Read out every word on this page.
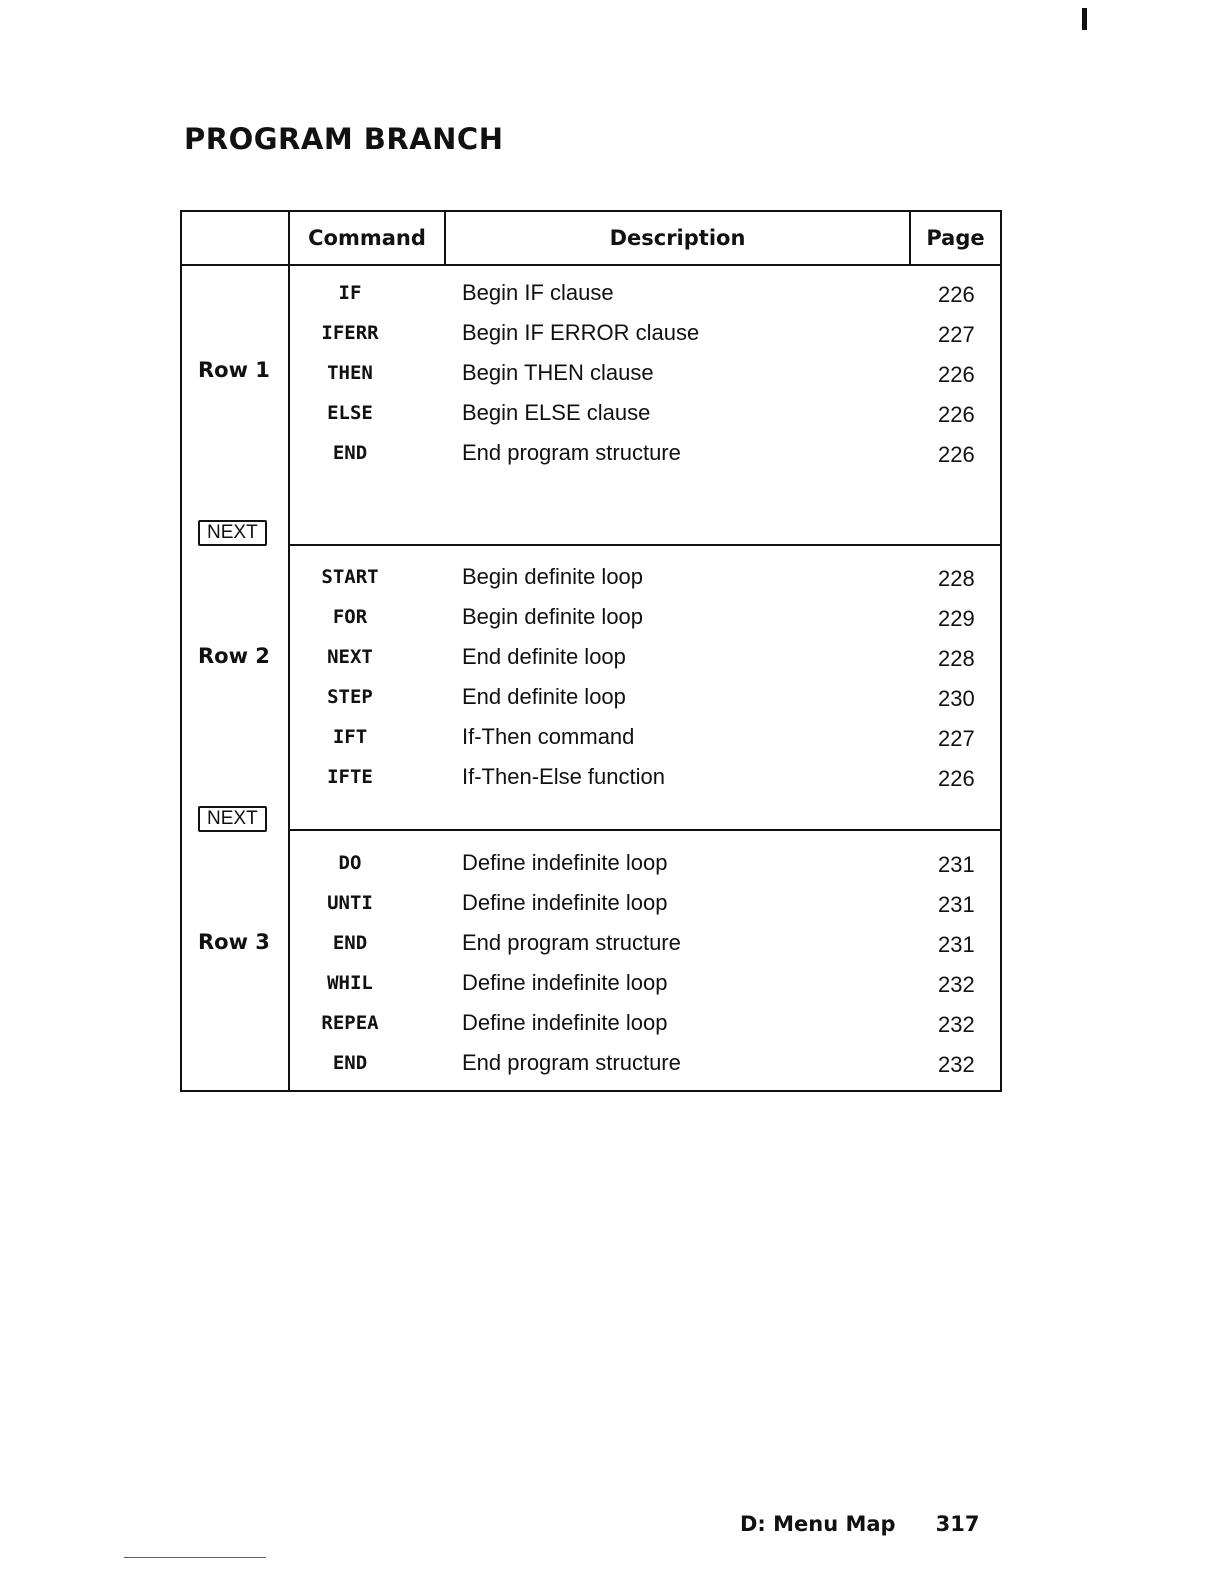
PROGRAM BRANCH
Command	Description	Page
Row 1
IF	Begin IF clause	226
IFERR	Begin IF ERROR clause	227
THEN	Begin THEN clause	226
ELSE	Begin ELSE clause	226
END	End program structure	226
NEXT
Row 2
START	Begin definite loop	228
FOR	Begin definite loop	229
NEXT	End definite loop	228
STEP	End definite loop	230
IFT	If-Then command	227
IFTE	If-Then-Else function	226
NEXT
Row 3
DO	Define indefinite loop	231
UNTI	Define indefinite loop	231
END	End program structure	231
WHIL	Define indefinite loop	232
REPEA	Define indefinite loop	232
END	End program structure	232
D: Menu Map 317
